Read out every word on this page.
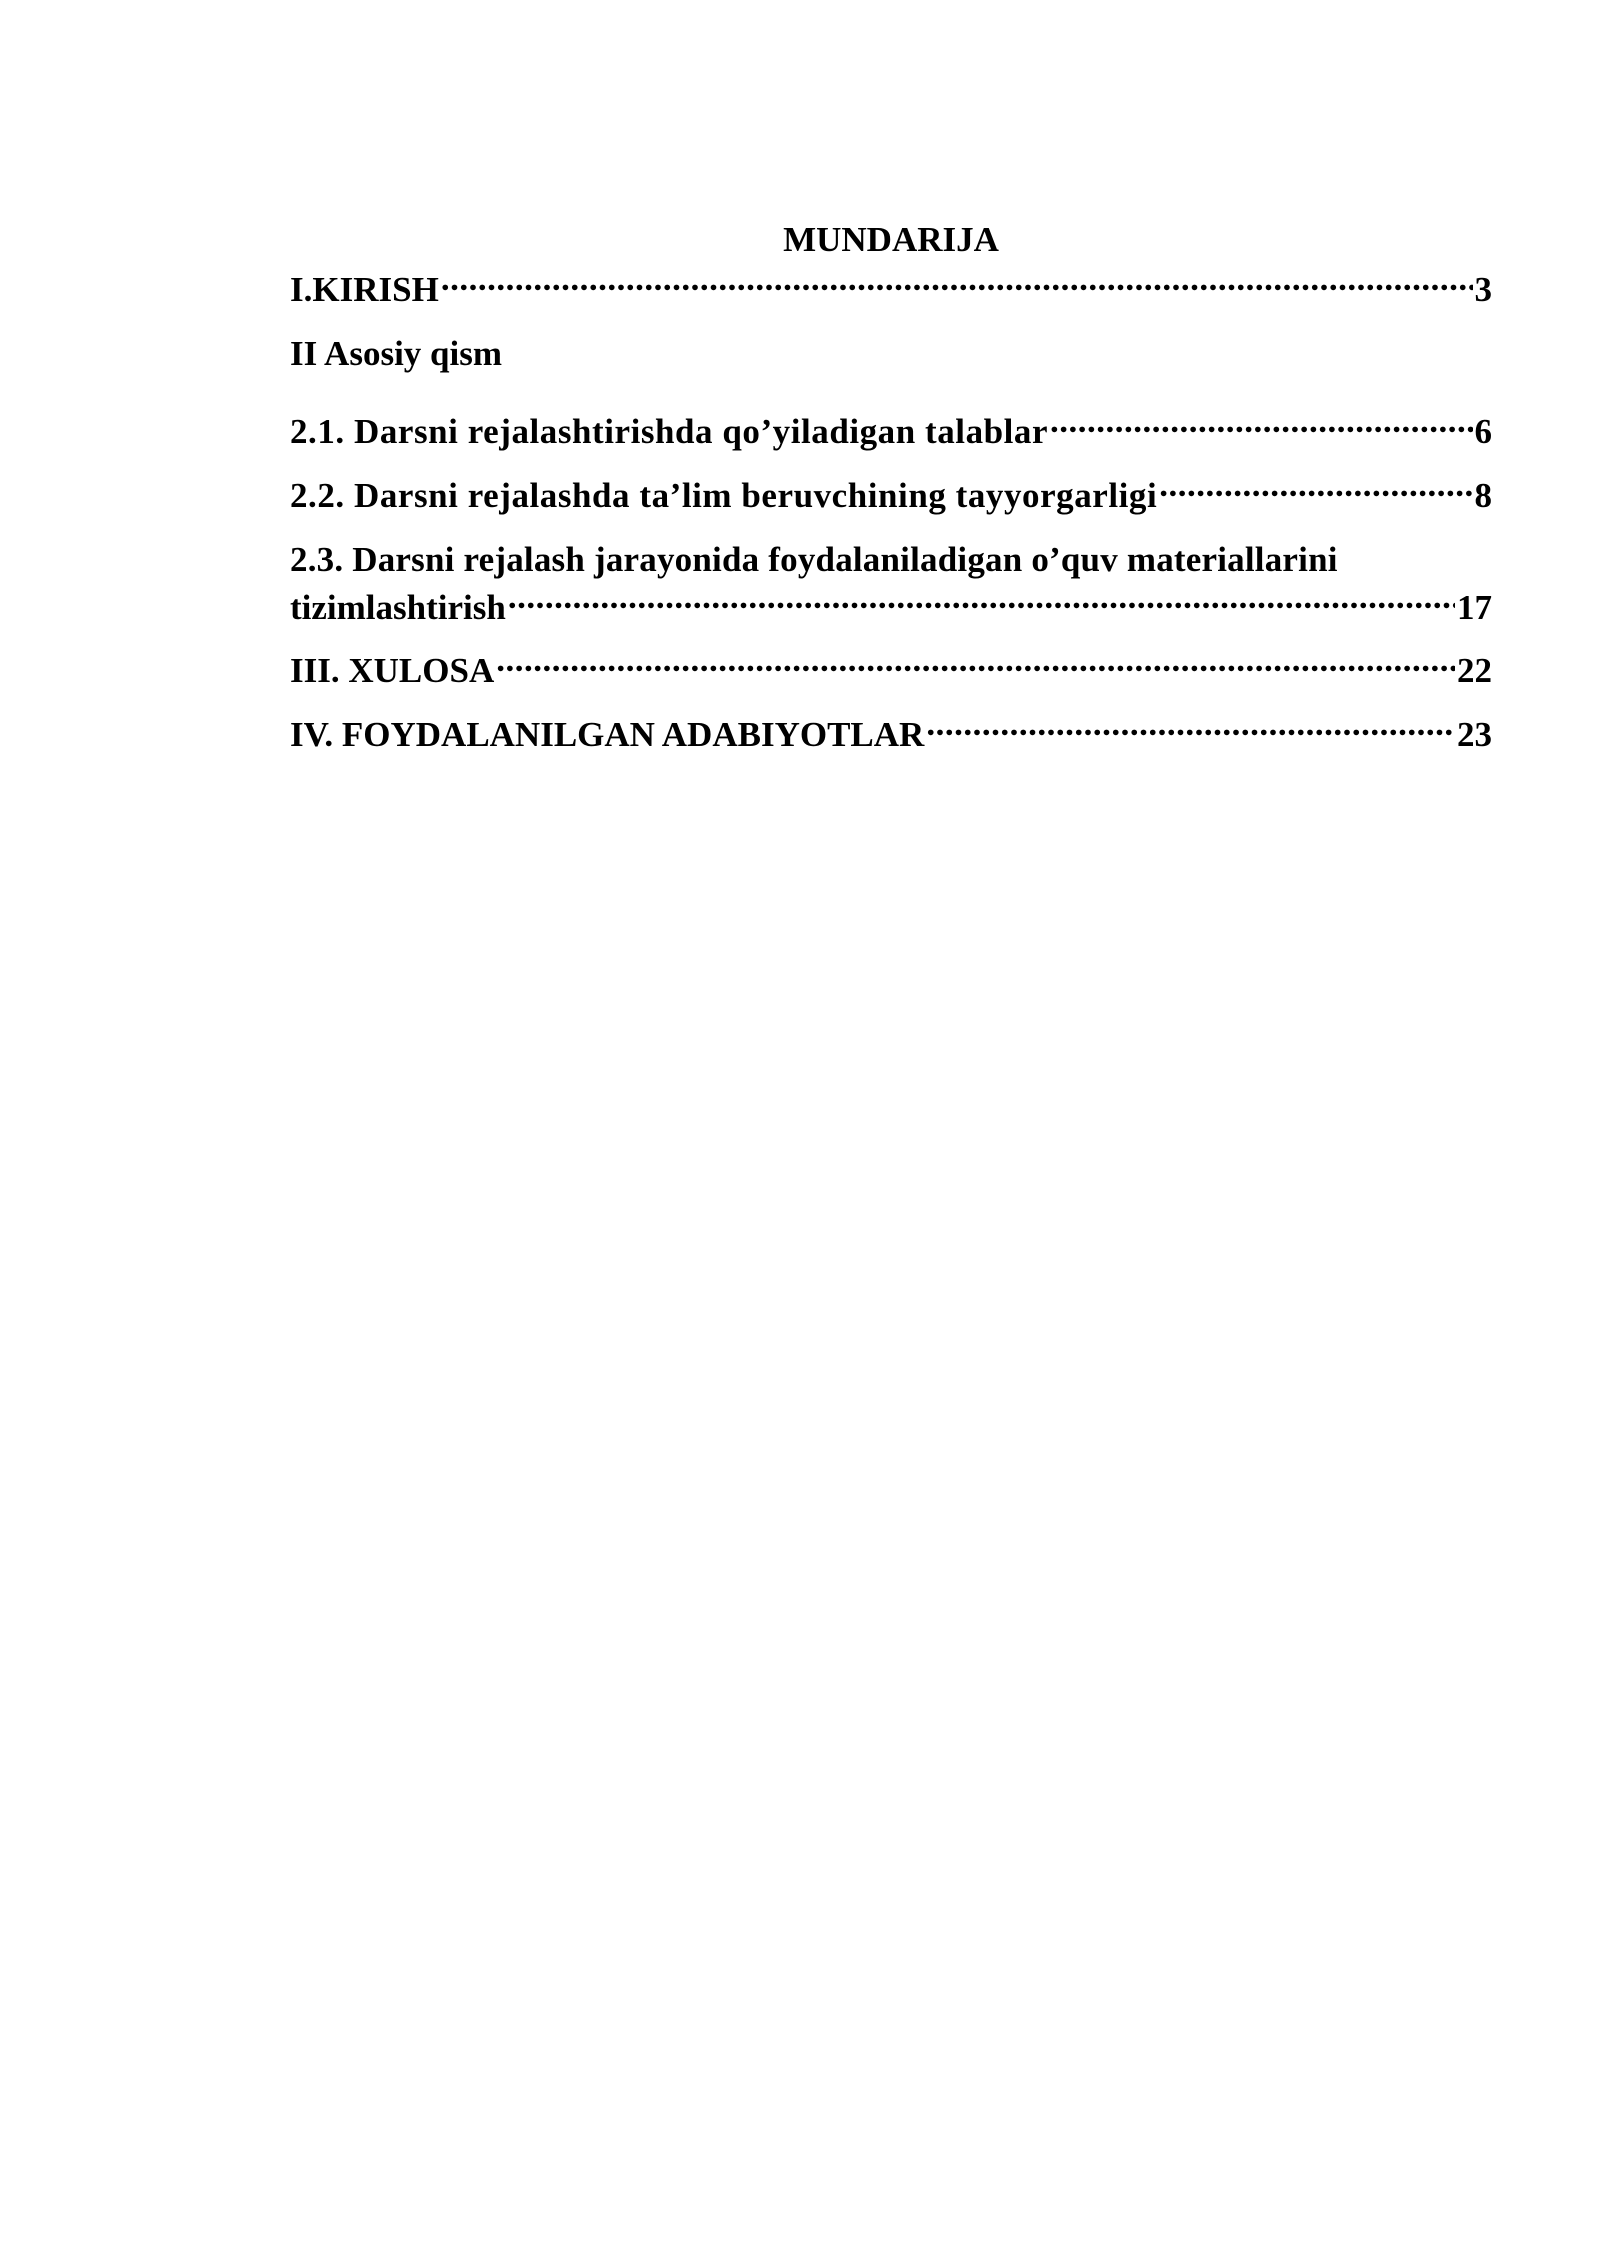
MUNDARIJA
I.KIRISH .....	3
II Asosiy qism
2.1. Darsni rejalashtirishda qo’yiladigan talablar .....	6
2.2. Darsni rejalashda ta’lim beruvchining tayyorgarligi .....	8
2.3. Darsni rejalash jarayonida foydalaniladigan o’quv materiallarini
tizimlashtirish .....	17
III. XULOSA .....	22
IV. FOYDALANILGAN ADABIYOTLAR .....	23
